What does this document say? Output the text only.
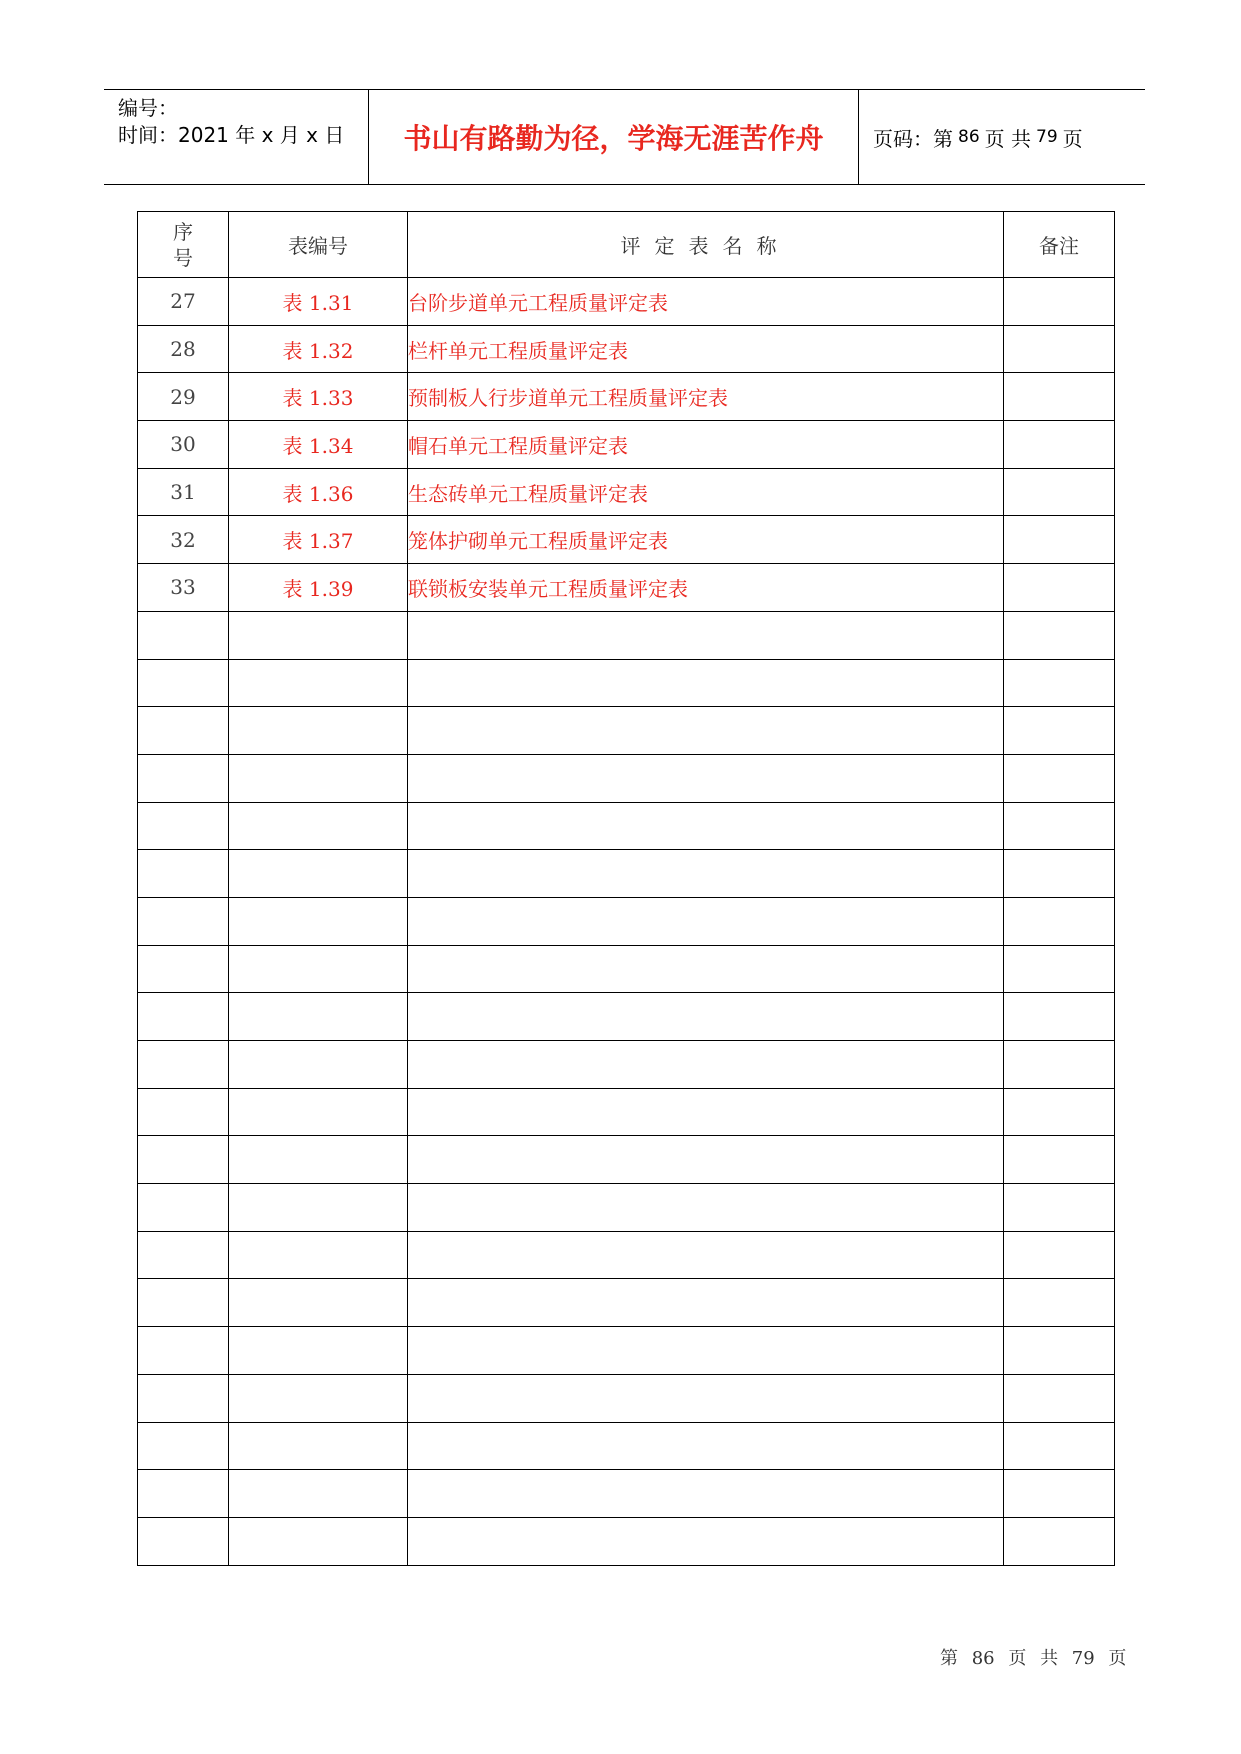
编号：
时间：2021 年 x 月 x 日	书山有路勤为径，学海无涯苦作舟 页码：第 86 页 共 79 页
序
号	表编号	评定表名称	备注
27	表 1.31	台阶步道单元工程质量评定表	
28	表 1.32	栏杆单元工程质量评定表	
29	表 1.33	预制板人行步道单元工程质量评定表	
30	表 1.34	帽石单元工程质量评定表	
31	表 1.36	生态砖单元工程质量评定表	
32	表 1.37	笼体护砌单元工程质量评定表	
33	表 1.39	联锁板安装单元工程质量评定表	

第 86 页 共 79 页
